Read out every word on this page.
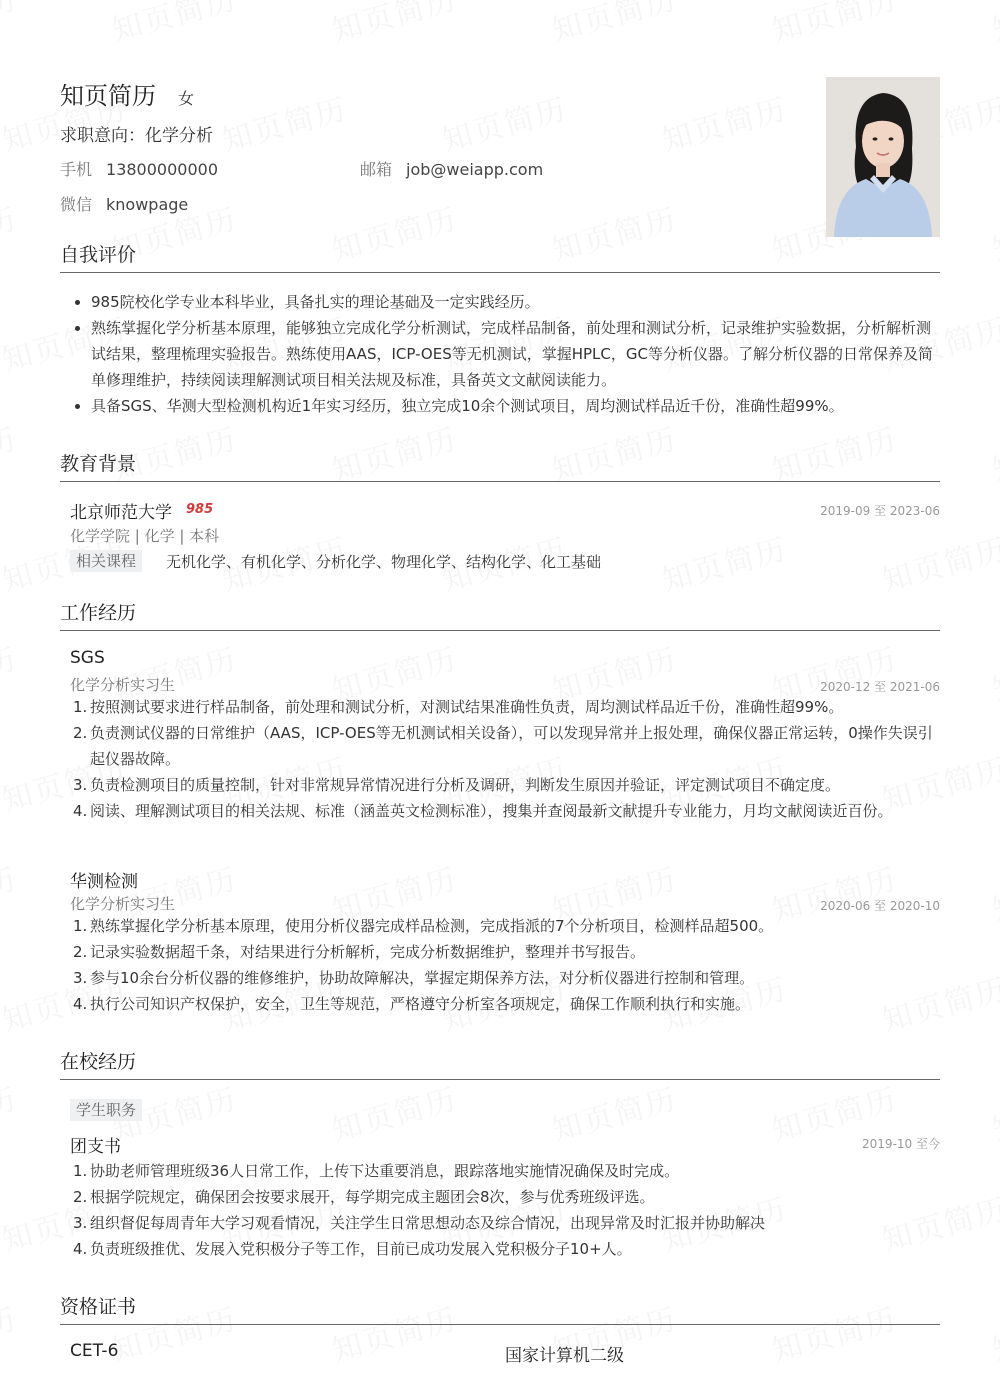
知页简历 女
求职意向：化学分析
手机 13800000000	邮箱 job@weiapp.com
微信 knowpage
自我评价
985院校化学专业本科毕业，具备扎实的理论基础及一定实践经历。
熟练掌握化学分析基本原理，能够独立完成化学分析测试，完成样品制备，前处理和测试分析，记录维护实验数据，分析解析测试结果，整理梳理实验报告。熟练使用AAS，ICP-OES等无机测试，掌握HPLC，GC等分析仪器。了解分析仪器的日常保养及简单修理维护，持续阅读理解测试项目相关法规及标准，具备英文文献阅读能力。
具备SGS、华测大型检测机构近1年实习经历，独立完成10余个测试项目，周均测试样品近千份，准确性超99%。
教育背景
北京师范大学 985	2019-09 至 2023-06
化学学院 | 化学 | 本科
相关课程	无机化学、有机化学、分析化学、物理化学、结构化学、化工基础
工作经历
SGS
化学分析实习生	2020-12 至 2021-06
1. 按照测试要求进行样品制备，前处理和测试分析，对测试结果准确性负责，周均测试样品近千份，准确性超99%。
2. 负责测试仪器的日常维护（AAS，ICP-OES等无机测试相关设备），可以发现异常并上报处理，确保仪器正常运转，0操作失误引起仪器故障。
3. 负责检测项目的质量控制，针对非常规异常情况进行分析及调研，判断发生原因并验证，评定测试项目不确定度。
4. 阅读、理解测试项目的相关法规、标准（涵盖英文检测标准），搜集并查阅最新文献提升专业能力，月均文献阅读近百份。
华测检测
化学分析实习生	2020-06 至 2020-10
1. 熟练掌握化学分析基本原理，使用分析仪器完成样品检测，完成指派的7个分析项目，检测样品超500。
2. 记录实验数据超千条，对结果进行分析解析，完成分析数据维护，整理并书写报告。
3. 参与10余台分析仪器的维修维护，协助故障解决，掌握定期保养方法，对分析仪器进行控制和管理。
4. 执行公司知识产权保护，安全，卫生等规范，严格遵守分析室各项规定，确保工作顺利执行和实施。
在校经历
学生职务
团支书	2019-10 至今
1. 协助老师管理班级36人日常工作，上传下达重要消息，跟踪落地实施情况确保及时完成。
2. 根据学院规定，确保团会按要求展开，每学期完成主题团会8次，参与优秀班级评选。
3. 组织督促每周青年大学习观看情况，关注学生日常思想动态及综合情况，出现异常及时汇报并协助解决
4. 负责班级推优、发展入党积极分子等工作，目前已成功发展入党积极分子10+人。
资格证书
CET-6	国家计算机二级
